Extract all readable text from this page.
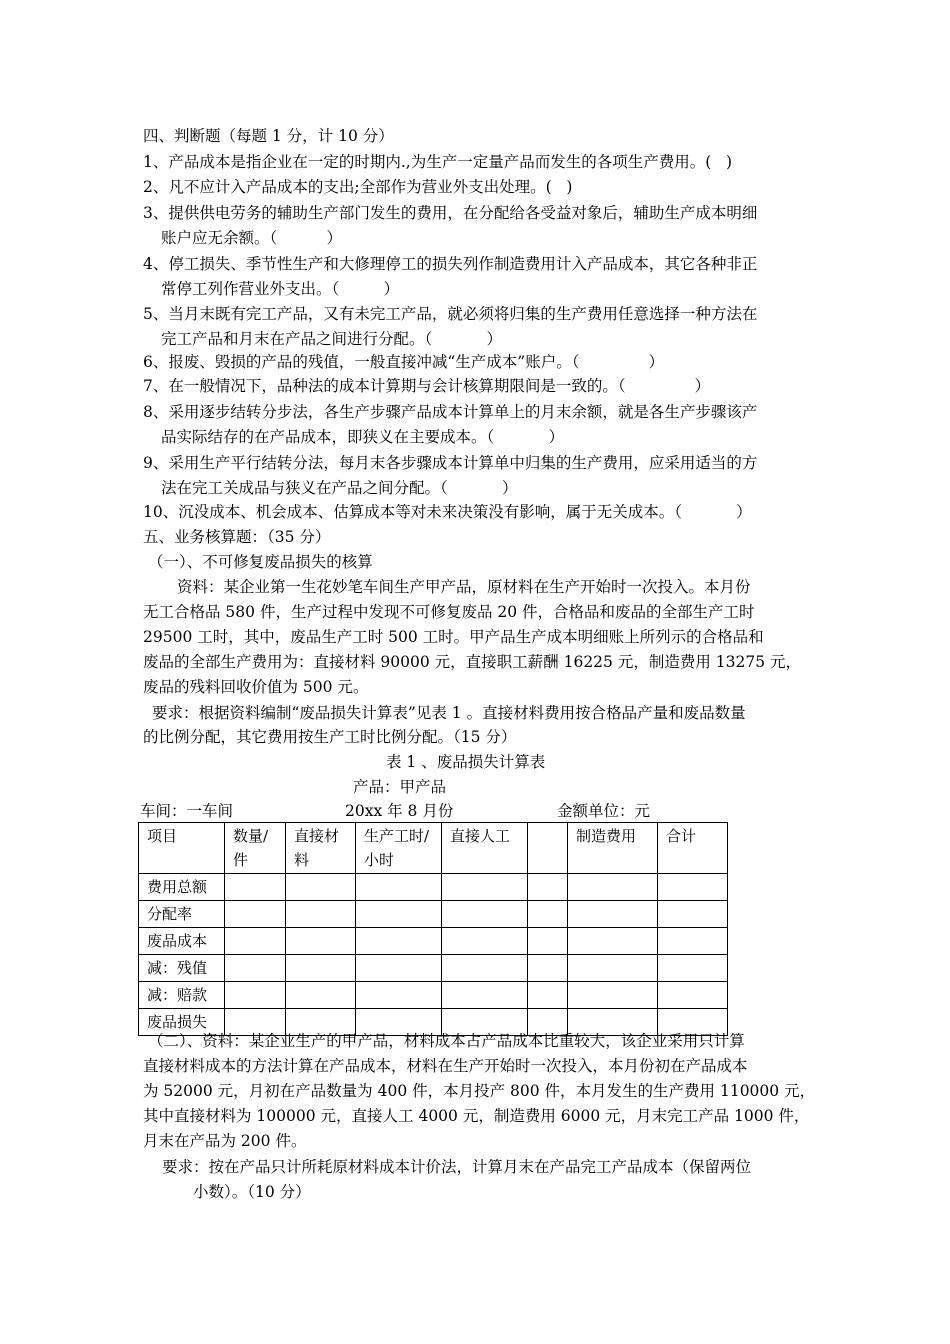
四、判断题（每题 1 分，计 10 分）
1、产品成本是指企业在一定的时期内.,为生产一定量产品而发生的各项生产费用。(   )
2、凡不应计入产品成本的支出;全部作为营业外支出处理。(   )
3、提供供电劳务的辅助生产部门发生的费用，在分配给各受益对象后，辅助生产成本明细
账户应无余额。（          ）
4、停工损失、季节性生产和大修理停工的损失列作制造费用计入产品成本，其它各种非正
常停工列作营业外支出。（         ）
5、当月末既有完工产品，又有未完工产品，就必须将归集的生产费用任意选择一种方法在
完工产品和月末在产品之间进行分配。（           ）
6、报废、毁损的产品的残值，一般直接冲减“生产成本”账户。（              ）
7、在一般情况下，品种法的成本计算期与会计核算期限间是一致的。（              ）
8、采用逐步结转分步法，各生产步骤产品成本计算单上的月末余额，就是各生产步骤该产
品实际结存的在产品成本，即狭义在主要成本。（           ）
9、采用生产平行结转分法，每月末各步骤成本计算单中归集的生产费用，应采用适当的方
法在完工关成品与狭义在产品之间分配。（           ）
10、沉没成本、机会成本、估算成本等对未来决策没有影响，属于无关成本。（           ）
五、业务核算题：（35 分）
（一）、不可修复废品损失的核算
资料：某企业第一生花妙笔车间生产甲产品，原材料在生产开始时一次投入。本月份
无工合格品 580 件，生产过程中发现不可修复废品 20 件，合格品和废品的全部生产工时
29500 工时，其中，废品生产工时 500 工时。甲产品生产成本明细账上所列示的合格品和
废品的全部生产费用为：直接材料 90000 元，直接职工薪酬 16225 元，制造费用 13275 元，
废品的残料回收价值为 500 元。
要求：根据资料编制“废品损失计算表”见表 1 。直接材料费用按合格品产量和废品数量
的比例分配，其它费用按生产工时比例分配。（15 分）
表 1 、废品损失计算表
产品：甲产品
车间：一车间	20xx 年 8 月份	金额单位：元
项目	数量/件	直接材料	生产工时/小时	直接人工		制造费用	合计
费用总额							
分配率							
废品成本							
减：残值							
减：赔款							
废品损失							
（二）、资料：某企业生产的甲产品，材料成本占产品成本比重较大，该企业采用只计算
直接材料成本的方法计算在产品成本，材料在生产开始时一次投入，本月份初在产品成本
为 52000 元，月初在产品数量为 400 件，本月投产 800 件，本月发生的生产费用 110000 元，
其中直接材料为 100000 元，直接人工 4000 元，制造费用 6000 元，月末完工产品 1000 件，
月末在产品为 200 件。
要求：按在产品只计所耗原材料成本计价法，计算月末在产品完工产品成本（保留两位
小数）。（10 分）
